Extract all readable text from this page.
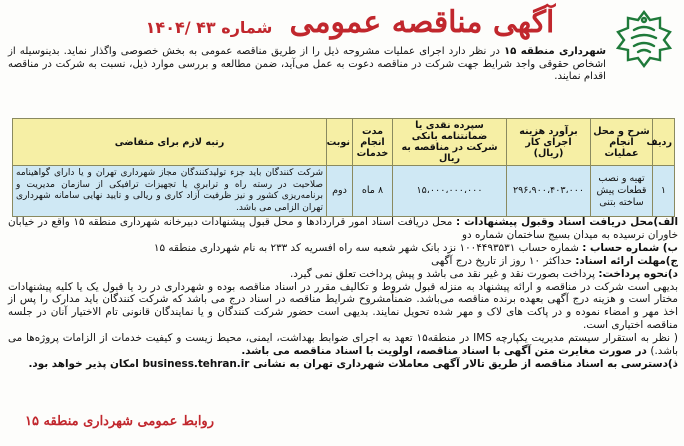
آگهی مناقصه عمومی شماره ۴۳ /۱۴۰۴
شهرداری منطقه ۱۵ در نظر دارد اجرای عملیات مشروحه ذیل را از طریق مناقصه عمومی به بخش خصوصی واگذار نماید. بدینوسیله از اشخاص حقوقی واجد شرایط جهت شرکت در مناقصه دعوت به عمل می‌آید، ضمن مطالعه و بررسی موارد ذیل، نسبت به شرکت در مناقصه اقدام نمایند.
ردیف	شرح و محل انجام عملیات	برآورد هزینه اجرای کار (ریال)	سپرده نقدی یا ضمانتنامه بانکی شرکت در مناقصه به ریال	مدت انجام خدمات	نوبت	رتبه لازم برای متقاضی
۱	تهیه و نصب قطعات پیش ساخته بتنی	۲۹۶،۹۰۰،۴۰۳،۰۰۰	۱۵،۰۰۰،۰۰۰،۰۰۰	۸ ماه	دوم	شرکت کنندگان باید جزء تولیدکنندگان مجاز شهرداری تهران و یا دارای گواهینامه صلاحیت در رسته راه و ترابری یا تجهیزات ترافیکی از سازمان مدیریت و برنامه‌ریزی کشور و نیز ظرفیت آزاد کاری و ریالی و تایید نهایی سامانه شهرداری تهران الزامی می باشد.

الف)محل دریافت اسناد وقبول پیشنهادات : محل دریافت اسناد امور قراردادها و محل قبول پیشنهادات دبیرخانه شهرداری منطقه ۱۵ واقع در خیابان خاوران نرسیده به میدان بسیج ساختمان شماره دو

ب) شماره حساب : شماره حساب ۱۰۰۴۴۹۳۵۳۱ نزد بانک شهر شعبه سه راه افسریه کد ۲۳۳ به نام شهرداری منطقه ۱۵

ج)مهلت ارائه اسناد: حداکثر ۱۰ روز از تاریخ درج آگهی

د)نحوه پرداخت: پرداخت بصورت نقد و غیر نقد می باشد و پیش پرداخت تعلق نمی گیرد.

بدیهی است شرکت در مناقصه و ارائه پیشنهاد به منزله قبول شروط و تکالیف مقرر در اسناد مناقصه بوده و شهرداری در رد یا قبول یک یا کلیه پیشنهادات مختار است و هزینه درج آگهی بعهده برنده مناقصه می‌باشد. ضمناًمشروح شرایط مناقصه در اسناد درج می باشد که شرکت کنندگان باید مدارک را پس از اخذ مهر و امضاء نموده و در پاکت های لاک و مهر شده تحویل نمایند. بدیهی است حضور شرکت کنندگان و یا نمایندگان قانونی تام الاختیار آنان در جلسه مناقصه اختیاری است.

( نظر به استقرار سیستم مدیریت یکپارچه IMS در منطقه۱۵ تعهد به اجرای ضوابط بهداشت، ایمنی، محیط زیست و کیفیت خدمات از الزامات پروژه‌ها می باشد.) در صورت مغایرت متن آگهی با اسناد مناقصه، اولویت با اسناد مناقصه می باشد.

ذ)دسترسی به اسناد مناقصه از طریق تالار آگهی معاملات شهرداری تهران به نشانی business.tehran.ir امکان پذیر خواهد بود.

روابط عمومی شهرداری منطقه ۱۵
